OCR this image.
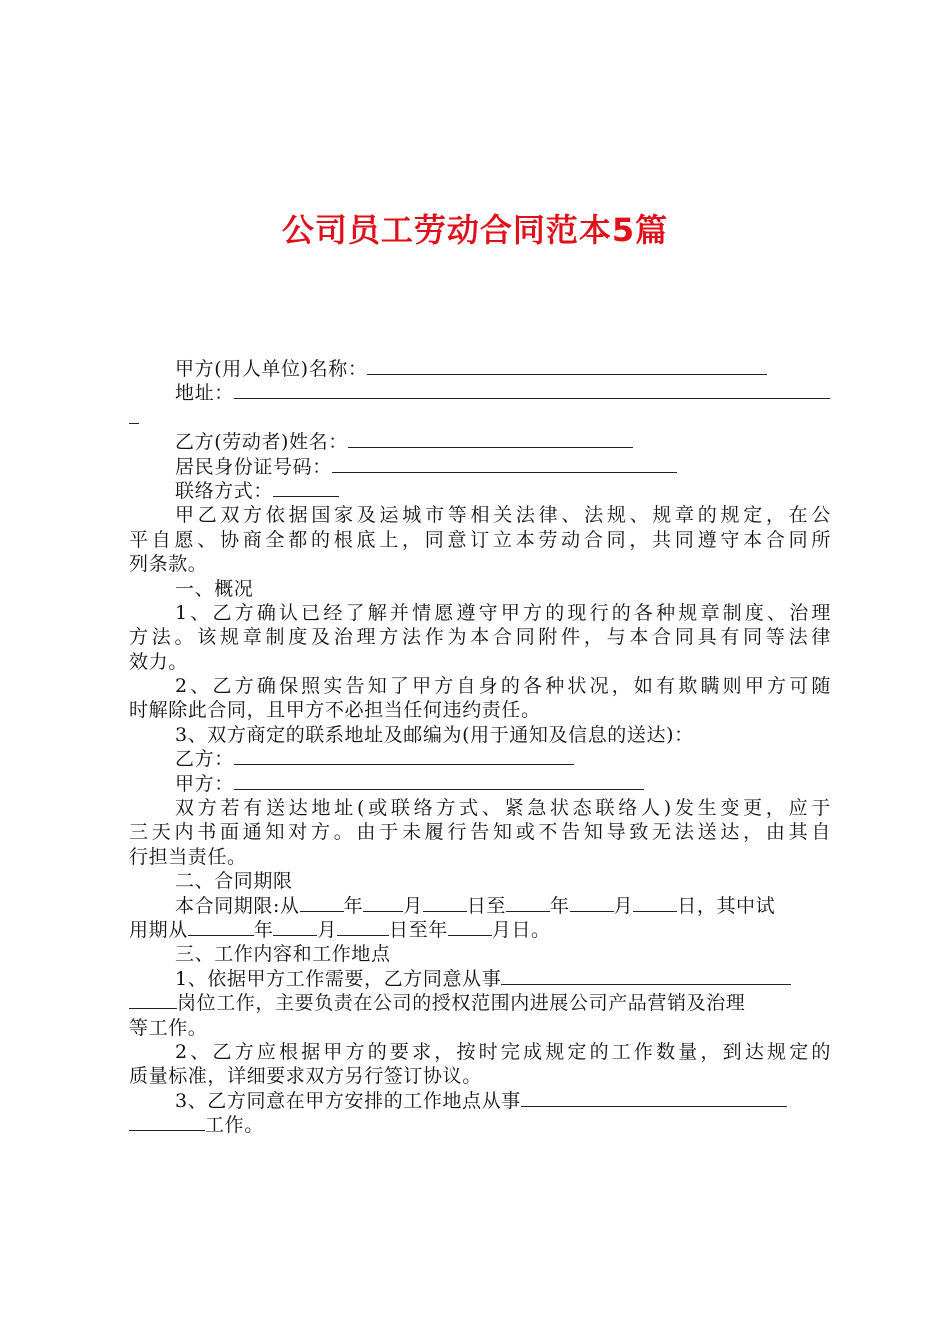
公司员工劳动合同范本5篇
甲方(用人单位)名称：
地址：
乙方(劳动者)姓名：
居民身份证号码：
联络方式：
甲乙双方依据国家及运城市等相关法律、法规、规章的规定，在公
平自愿、协商全都的根底上，同意订立本劳动合同，共同遵守本合同所
列条款。
一、概况
1、乙方确认已经了解并情愿遵守甲方的现行的各种规章制度、治理
方法。该规章制度及治理方法作为本合同附件，与本合同具有同等法律
效力。
2、乙方确保照实告知了甲方自身的各种状况，如有欺瞒则甲方可随
时解除此合同，且甲方不必担当任何违约责任。
3、双方商定的联系地址及邮编为(用于通知及信息的送达)：
乙方：
甲方：
双方若有送达地址(或联络方式、紧急状态联络人)发生变更，应于
三天内书面通知对方。由于未履行告知或不告知导致无法送达，由其自
行担当责任。
二、合同期限
本合同期限:从 年 月 日至 年 月 日，其中试
用期从	年 月	日至年 月日。
三、工作内容和工作地点
1、依据甲方工作需要，乙方同意从事
岗位工作，主要负责在公司的授权范围内进展公司产品营销及治理
等工作。
2、乙方应根据甲方的要求，按时完成规定的工作数量，到达规定的
质量标准，详细要求双方另行签订协议。
3、乙方同意在甲方安排的工作地点从事
工作。
